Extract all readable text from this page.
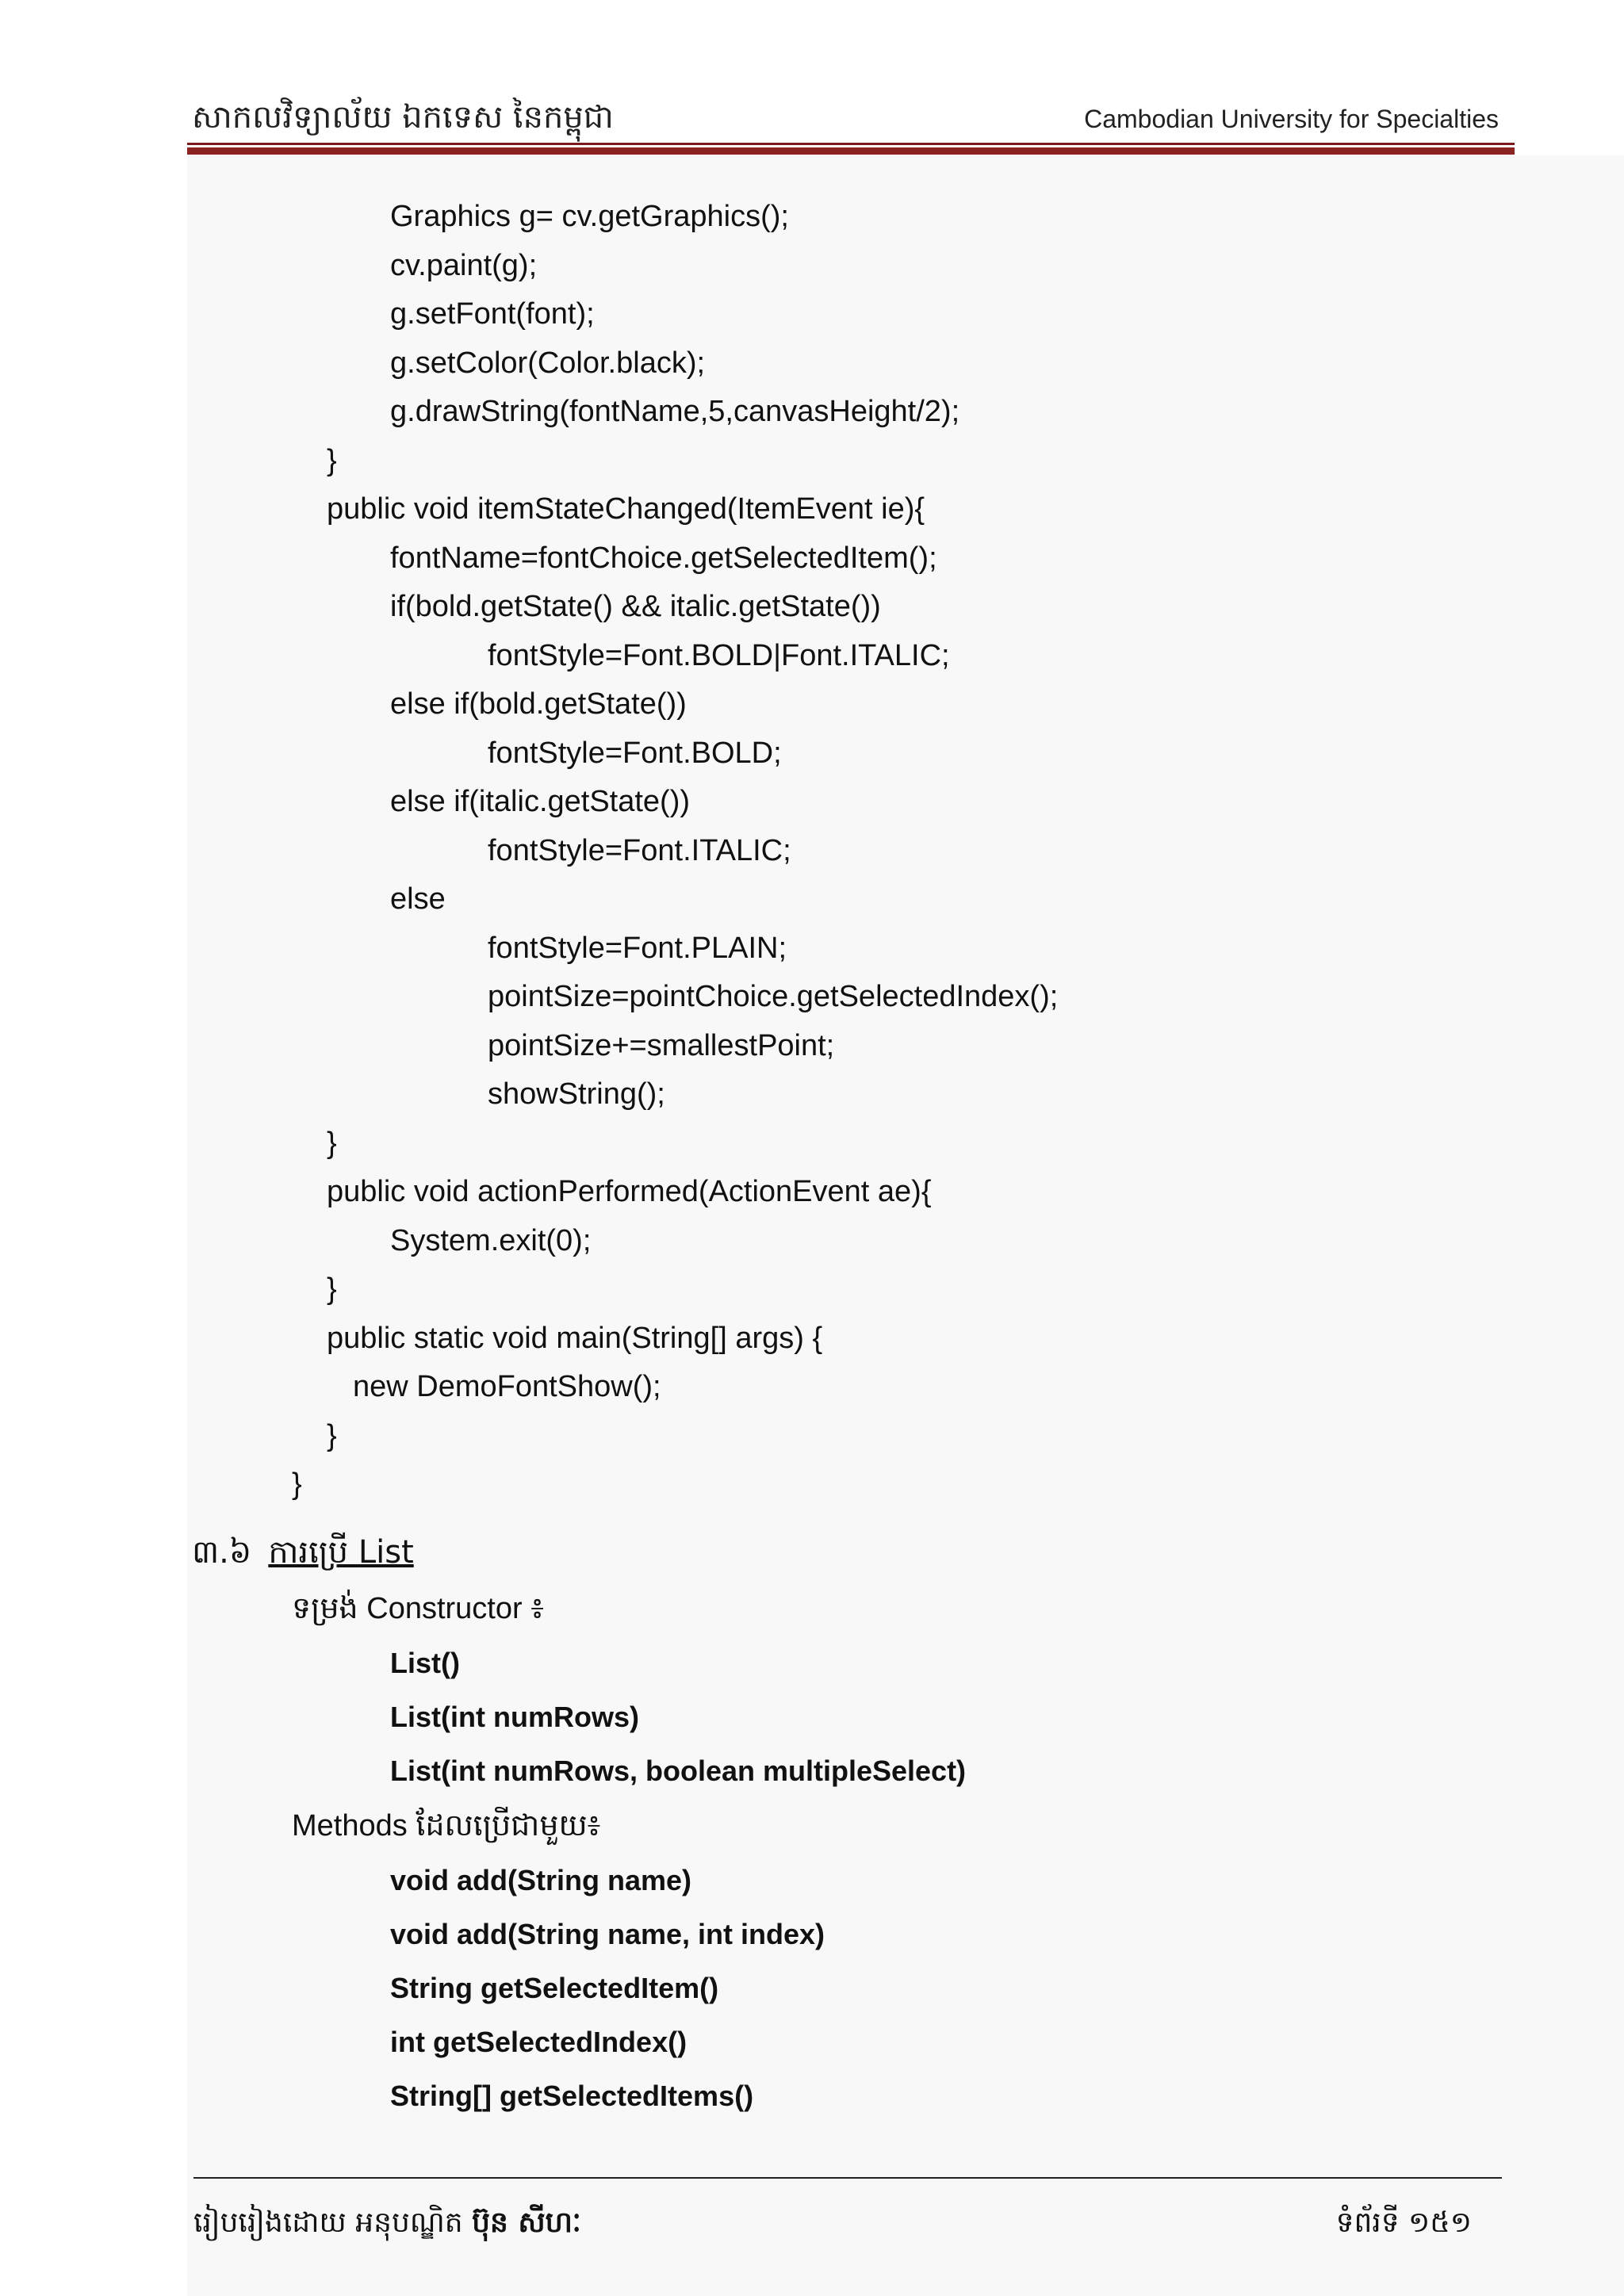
សាកលវិទ្យាល័យ ឯកទេស នៃកម្ពុជា	Cambodian University for Specialties
Graphics g= cv.getGraphics();
cv.paint(g);
g.setFont(font);
g.setColor(Color.black);
g.drawString(fontName,5,canvasHeight/2);
}
public void itemStateChanged(ItemEvent ie){
fontName=fontChoice.getSelectedItem();
if(bold.getState() && italic.getState())
fontStyle=Font.BOLD|Font.ITALIC;
else if(bold.getState())
fontStyle=Font.BOLD;
else if(italic.getState())
fontStyle=Font.ITALIC;
else
fontStyle=Font.PLAIN;
pointSize=pointChoice.getSelectedIndex();
pointSize+=smallestPoint;
showString();
}
public void actionPerformed(ActionEvent ae){
System.exit(0);
}
public static void main(String[] args) {
new DemoFontShow();
}
}
៣.៦ ការប្រើ List
ទម្រង់ Constructor ៖
List()
List(int numRows)
List(int numRows, boolean multipleSelect)
Methods ដែលប្រើជាមួយ៖
void add(String name)
void add(String name, int index)
String getSelectedItem()
int getSelectedIndex()
String[] getSelectedItems()
រៀបរៀងដោយ អនុបណ្ឌិត ប៊ុន សីហៈ	ទំព័រទី ១៥១
